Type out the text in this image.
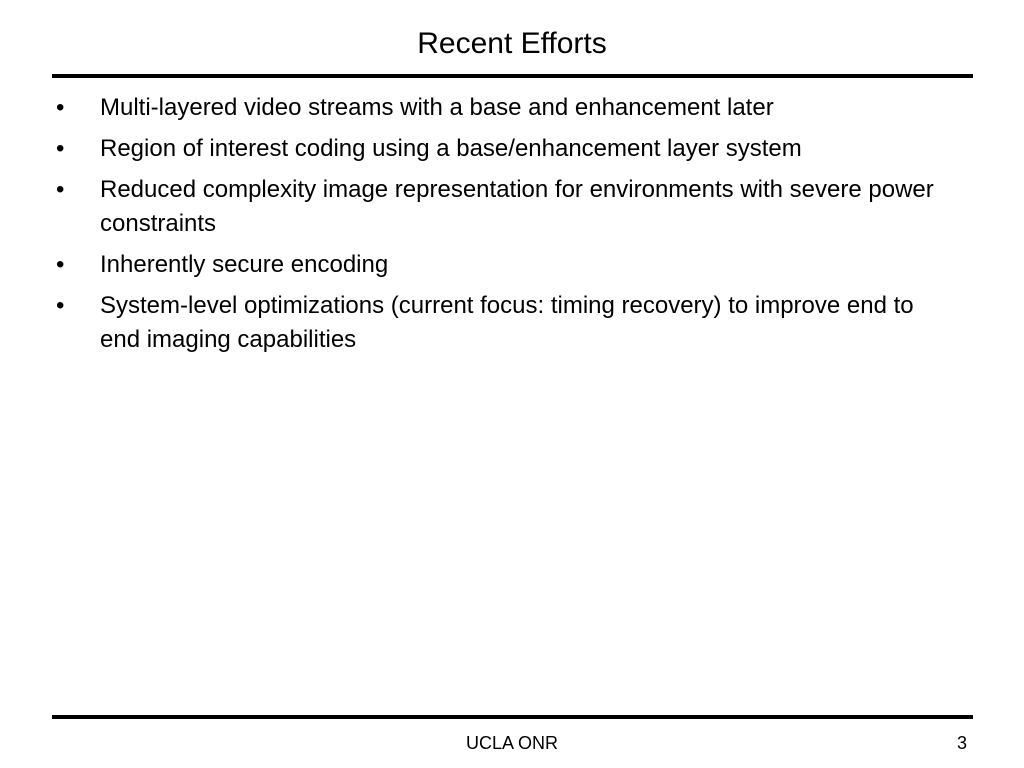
Recent Efforts
•	Multi-layered video streams with a base and enhancement later
•	Region of interest coding using a base/enhancement layer system
•	Reduced complexity image representation for environments with severe power constraints
•	Inherently secure encoding
•	System-level optimizations (current focus: timing recovery) to improve end to end imaging capabilities
UCLA ONR	3
